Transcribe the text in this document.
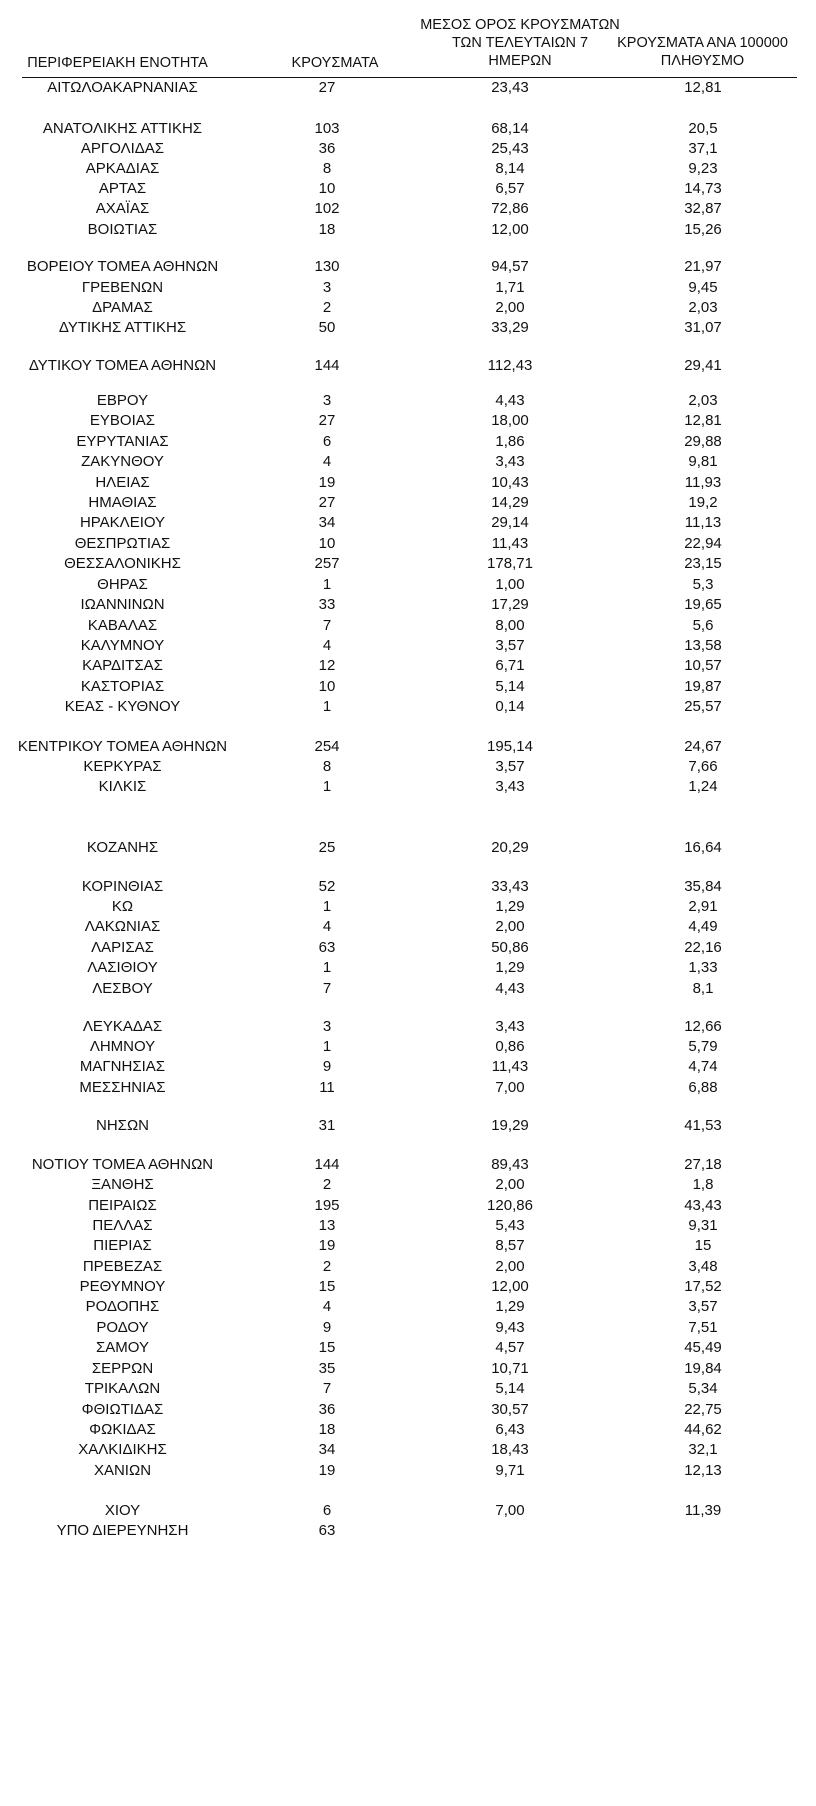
ΠΕΡΙΦΕΡΕΙΑΚΗ ΕΝΟΤΗΤΑ	ΚΡΟΥΣΜΑΤΑ
ΜΕΣΟΣ ΟΡΟΣ ΚΡΟΥΣΜΑΤΩΝ
ΤΩΝ ΤΕΛΕΥΤΑΙΩΝ 7
ΗΜΕΡΩΝ
ΚΡΟΥΣΜΑΤΑ ΑΝΑ 100000
ΠΛΗΘΥΣΜΟ
ΑΙΤΩΛΟΑΚΑΡΝΑΝΙΑΣ	27	23,43	12,81
ΑΝΑΤΟΛΙΚΗΣ ΑΤΤΙΚΗΣ	103	68,14	20,5
ΑΡΓΟΛΙΔΑΣ	36	25,43	37,1
ΑΡΚΑΔΙΑΣ	8	8,14	9,23
ΑΡΤΑΣ	10	6,57	14,73
ΑΧΑΪΑΣ	102	72,86	32,87
ΒΟΙΩΤΙΑΣ	18	12,00	15,26
ΒΟΡΕΙΟΥ ΤΟΜΕΑ ΑΘΗΝΩΝ	130	94,57	21,97
ΓΡΕΒΕΝΩΝ	3	1,71	9,45
ΔΡΑΜΑΣ	2	2,00	2,03
ΔΥΤΙΚΗΣ ΑΤΤΙΚΗΣ	50	33,29	31,07
ΔΥΤΙΚΟΥ ΤΟΜΕΑ ΑΘΗΝΩΝ	144	112,43	29,41
ΕΒΡΟΥ	3	4,43	2,03
ΕΥΒΟΙΑΣ	27	18,00	12,81
ΕΥΡΥΤΑΝΙΑΣ	6	1,86	29,88
ΖΑΚΥΝΘΟΥ	4	3,43	9,81
ΗΛΕΙΑΣ	19	10,43	11,93
ΗΜΑΘΙΑΣ	27	14,29	19,2
ΗΡΑΚΛΕΙΟΥ	34	29,14	11,13
ΘΕΣΠΡΩΤΙΑΣ	10	11,43	22,94
ΘΕΣΣΑΛΟΝΙΚΗΣ	257	178,71	23,15
ΘΗΡΑΣ	1	1,00	5,3
ΙΩΑΝΝΙΝΩΝ	33	17,29	19,65
ΚΑΒΑΛΑΣ	7	8,00	5,6
ΚΑΛΥΜΝΟΥ	4	3,57	13,58
ΚΑΡΔΙΤΣΑΣ	12	6,71	10,57
ΚΑΣΤΟΡΙΑΣ	10	5,14	19,87
ΚΕΑΣ - ΚΥΘΝΟΥ	1	0,14	25,57
ΚΕΝΤΡΙΚΟΥ ΤΟΜΕΑ ΑΘΗΝΩΝ	254	195,14	24,67
ΚΕΡΚΥΡΑΣ	8	3,57	7,66
ΚΙΛΚΙΣ	1	3,43	1,24
ΚΟΖΑΝΗΣ	25	20,29	16,64
ΚΟΡΙΝΘΙΑΣ	52	33,43	35,84
ΚΩ	1	1,29	2,91
ΛΑΚΩΝΙΑΣ	4	2,00	4,49
ΛΑΡΙΣΑΣ	63	50,86	22,16
ΛΑΣΙΘΙΟΥ	1	1,29	1,33
ΛΕΣΒΟΥ	7	4,43	8,1
ΛΕΥΚΑΔΑΣ	3	3,43	12,66
ΛΗΜΝΟΥ	1	0,86	5,79
ΜΑΓΝΗΣΙΑΣ	9	11,43	4,74
ΜΕΣΣΗΝΙΑΣ	11	7,00	6,88
ΝΗΣΩΝ	31	19,29	41,53
ΝΟΤΙΟΥ ΤΟΜΕΑ ΑΘΗΝΩΝ	144	89,43	27,18
ΞΑΝΘΗΣ	2	2,00	1,8
ΠΕΙΡΑΙΩΣ	195	120,86	43,43
ΠΕΛΛΑΣ	13	5,43	9,31
ΠΙΕΡΙΑΣ	19	8,57	15
ΠΡΕΒΕΖΑΣ	2	2,00	3,48
ΡΕΘΥΜΝΟΥ	15	12,00	17,52
ΡΟΔΟΠΗΣ	4	1,29	3,57
ΡΟΔΟΥ	9	9,43	7,51
ΣΑΜΟΥ	15	4,57	45,49
ΣΕΡΡΩΝ	35	10,71	19,84
ΤΡΙΚΑΛΩΝ	7	5,14	5,34
ΦΘΙΩΤΙΔΑΣ	36	30,57	22,75
ΦΩΚΙΔΑΣ	18	6,43	44,62
ΧΑΛΚΙΔΙΚΗΣ	34	18,43	32,1
ΧΑΝΙΩΝ	19	9,71	12,13
ΧΙΟΥ	6	7,00	11,39
ΥΠΟ ΔΙΕΡΕΥΝΗΣΗ	63
